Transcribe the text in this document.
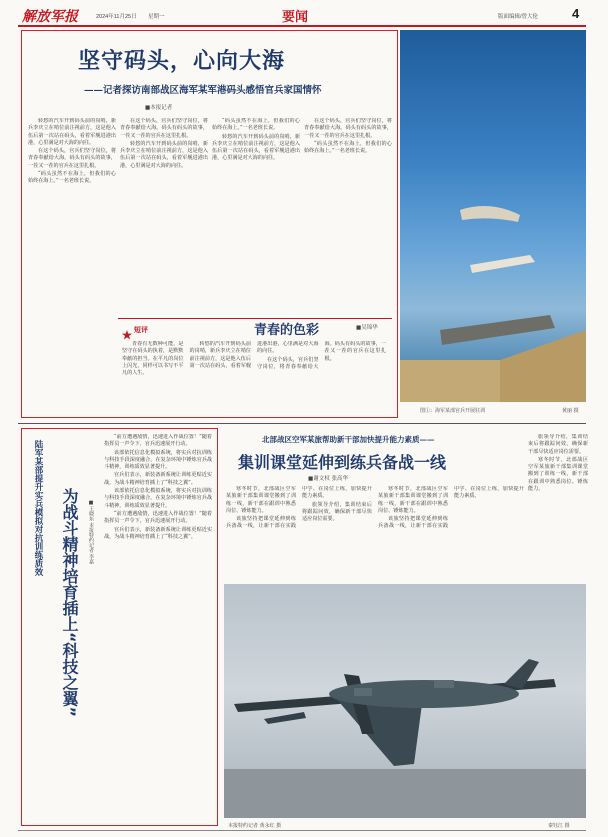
解放军报	2024年11月25日 星期一	要闻	版面编辑/曾大伦	4
坚守码头，心向大海
——记者探访南部战区海军某军港码头感悟官兵家国情怀
■本报记者

转悠的汽车开到码头前的岗哨，新兵李庆立在哨位前注视前方，这是他入伍后第一次站在码头，看着军舰进港出港，心里满是对大海的向往。

在这个码头，官兵们坚守岗位，将青春奉献给大海。码头有码头的故事，一茬又一茬的官兵在这里扎根。

“码头虽然不在海上，但我们的心始终在海上。”一名老班长说。

在这个码头，官兵们坚守岗位，将青春奉献给大海。码头有码头的故事，一茬又一茬的官兵在这里扎根。

转悠的汽车开到码头前的岗哨，新兵李庆立在哨位前注视前方，这是他入伍后第一次站在码头，看着军舰进港出港，心里满是对大海的向往。

“码头虽然不在海上，但我们的心始终在海上。”一名老班长说。

转悠的汽车开到码头前的岗哨，新兵李庆立在哨位前注视前方，这是他入伍后第一次站在码头，看着军舰进港出港，心里满是对大海的向往。

在这个码头，官兵们坚守岗位，将青春奉献给大海。码头有码头的故事，一茬又一茬的官兵在这里扎根。

“码头虽然不在海上，但我们的心始终在海上。”一名老班长说。

短评	青春的色彩	■吴锦华

青春有无数种可能，是坚守在码头的执着，是默默奉献的担当。在平凡的岗位上闪光，同样可以书写不平凡的人生。

转悠的汽车开到码头前的岗哨，新兵李庆立在哨位前注视前方，这是他入伍后第一次站在码头，看着军舰进港出港，心里满是对大海的向往。

在这个码头，官兵们坚守岗位，将青春奉献给大海。码头有码头的故事，一茬又一茬的官兵在这里扎根。

图①：海军某部官兵开展驻训	黄丽 摄
为战斗精神培育插上“科技之翼”
陆军某部提升实兵模拟对抗训练质效	■王晓东 本报特约记者 李嘉

“前方遭遇敌情，迅速进入作战位置！”随着指挥员一声令下，官兵迅速展开行动。

该部依托信息化模拟系统，将实兵对抗训练与科技手段深度融合，在复杂环境中锤炼官兵战斗精神，训练质效显著提升。

官兵们表示，新装备新系统让训练更贴近实战，为战斗精神培育插上了“科技之翼”。

该部依托信息化模拟系统，将实兵对抗训练与科技手段深度融合，在复杂环境中锤炼官兵战斗精神，训练质效显著提升。

“前方遭遇敌情，迅速进入作战位置！”随着指挥员一声令下，官兵迅速展开行动。

官兵们表示，新装备新系统让训练更贴近实战，为战斗精神培育插上了“科技之翼”。

北部战区空军某旅帮助新干部加快提升能力素质——
集训课堂延伸到练兵备战一线
■谢文权 张高华

寒冬时节，北部战区空军某旅新干部集训课堂搬到了训练一线，新干部在跟训中熟悉岗位、锤炼能力。

该旅坚持把课堂延伸到练兵备战一线，让新干部在实践中学、在岗位上练，加快提升能力素质。

旅领导介绍，集训结束后将跟踪问效，确保新干部尽快适应岗位需要。

寒冬时节，北部战区空军某旅新干部集训课堂搬到了训练一线，新干部在跟训中熟悉岗位、锤炼能力。

该旅坚持把课堂延伸到练兵备战一线，让新干部在实践中学、在岗位上练，加快提升能力素质。

旅领导介绍，集训结束后将跟踪问效，确保新干部尽快适应岗位需要。

寒冬时节，北部战区空军某旅新干部集训课堂搬到了训练一线，新干部在跟训中熟悉岗位、锤炼能力。

本报特约记者 黄永红 摄	秦钰江 摄
